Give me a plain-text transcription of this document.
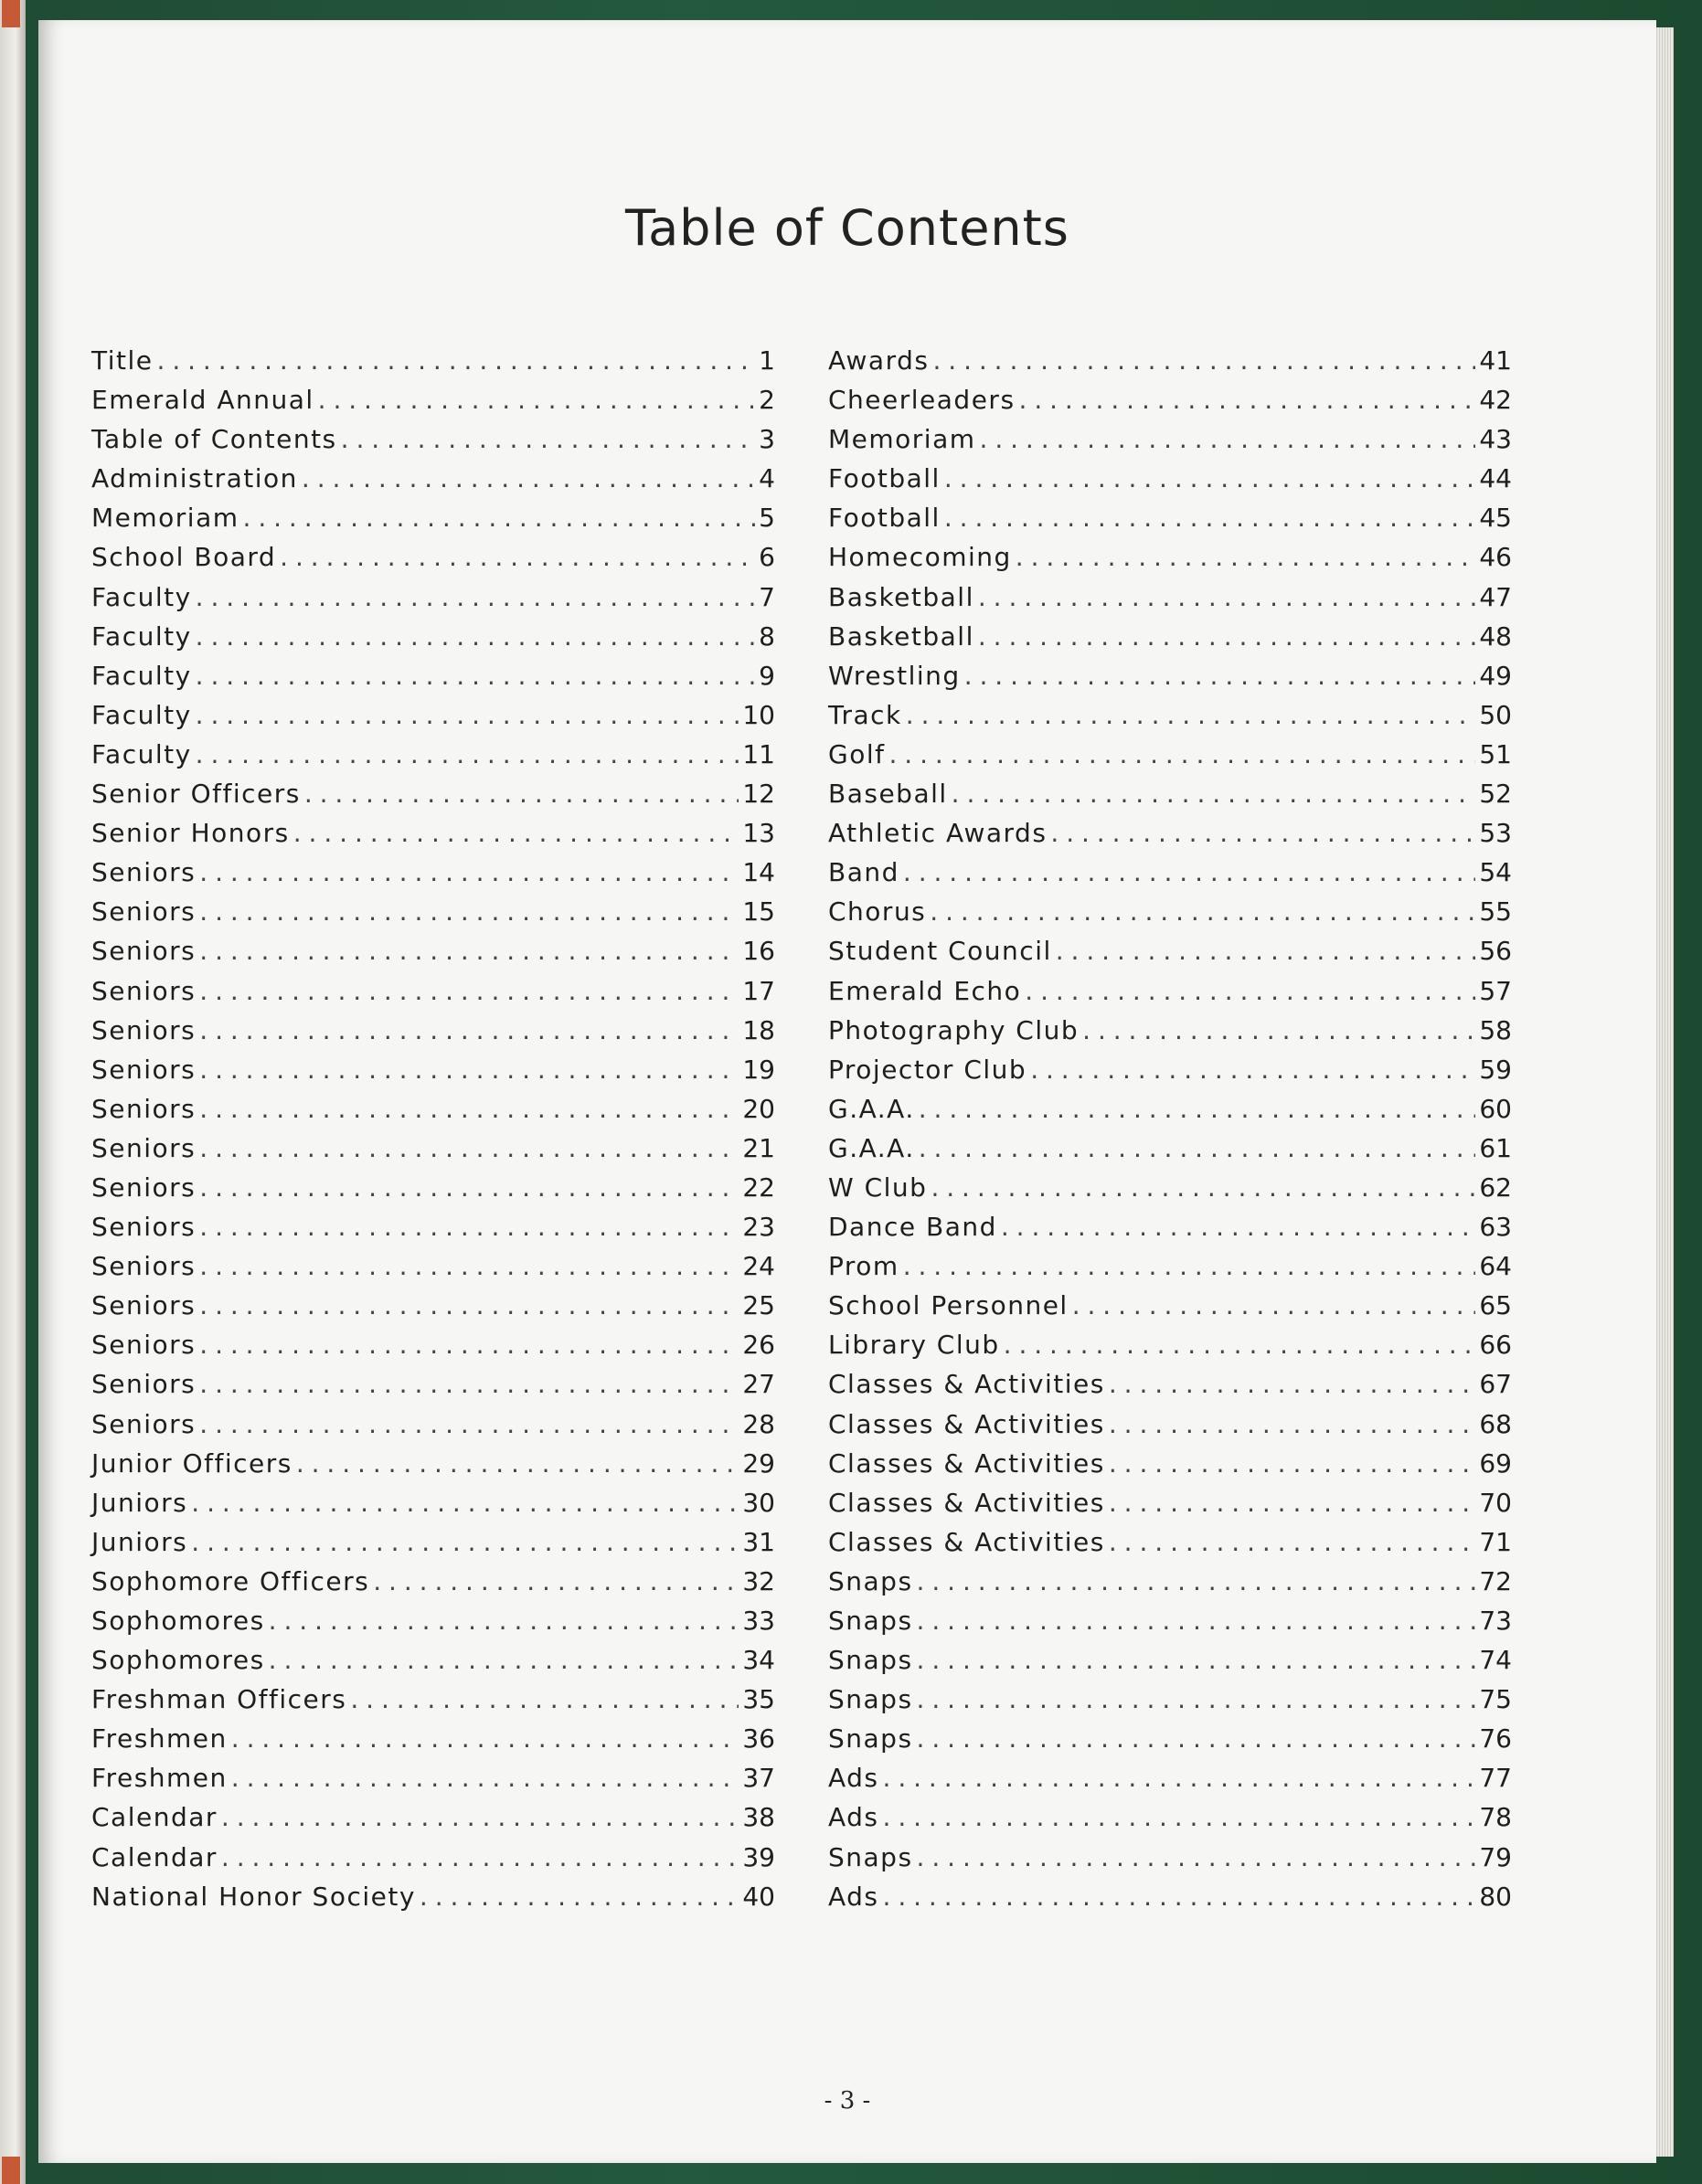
Table of Contents
Title . . .	1
Emerald Annual . . .	2
Table of Contents . . .	3
Administration . . .	4
Memoriam . . .	5
School Board . . .	6
Faculty . . .	7
Faculty . . .	8
Faculty . . .	9
Faculty . . .	10
Faculty . . .	11
Senior Officers . . .	12
Senior Honors . . .	13
Seniors . . .	14
Seniors . . .	15
Seniors . . .	16
Seniors . . .	17
Seniors . . .	18
Seniors . . .	19
Seniors . . .	20
Seniors . . .	21
Seniors . . .	22
Seniors . . .	23
Seniors . . .	24
Seniors . . .	25
Seniors . . .	26
Seniors . . .	27
Seniors . . .	28
Junior Officers . . .	29
Juniors . . .	30
Juniors . . .	31
Sophomore Officers . . .	32
Sophomores . . .	33
Sophomores . . .	34
Freshman Officers . . .	35
Freshmen . . .	36
Freshmen . . .	37
Calendar . . .	38
Calendar . . .	39
National Honor Society . . .	40
Awards . . .	41
Cheerleaders . . .	42
Memoriam . . .	43
Football . . .	44
Football . . .	45
Homecoming . . .	46
Basketball . . .	47
Basketball . . .	48
Wrestling . . .	49
Track . . .	50
Golf . . .	51
Baseball . . .	52
Athletic Awards . . .	53
Band . . .	54
Chorus . . .	55
Student Council . . .	56
Emerald Echo . . .	57
Photography Club . . .	58
Projector Club . . .	59
G.A.A. . . .	60
G.A.A. . . .	61
W Club . . .	62
Dance Band . . .	63
Prom . . .	64
School Personnel . . .	65
Library Club . . .	66
Classes & Activities . . .	67
Classes & Activities . . .	68
Classes & Activities . . .	69
Classes & Activities . . .	70
Classes & Activities . . .	71
Snaps . . .	72
Snaps . . .	73
Snaps . . .	74
Snaps . . .	75
Snaps . . .	76
Ads . . .	77
Ads . . .	78
Snaps . . .	79
Ads . . .	80
- 3 -
